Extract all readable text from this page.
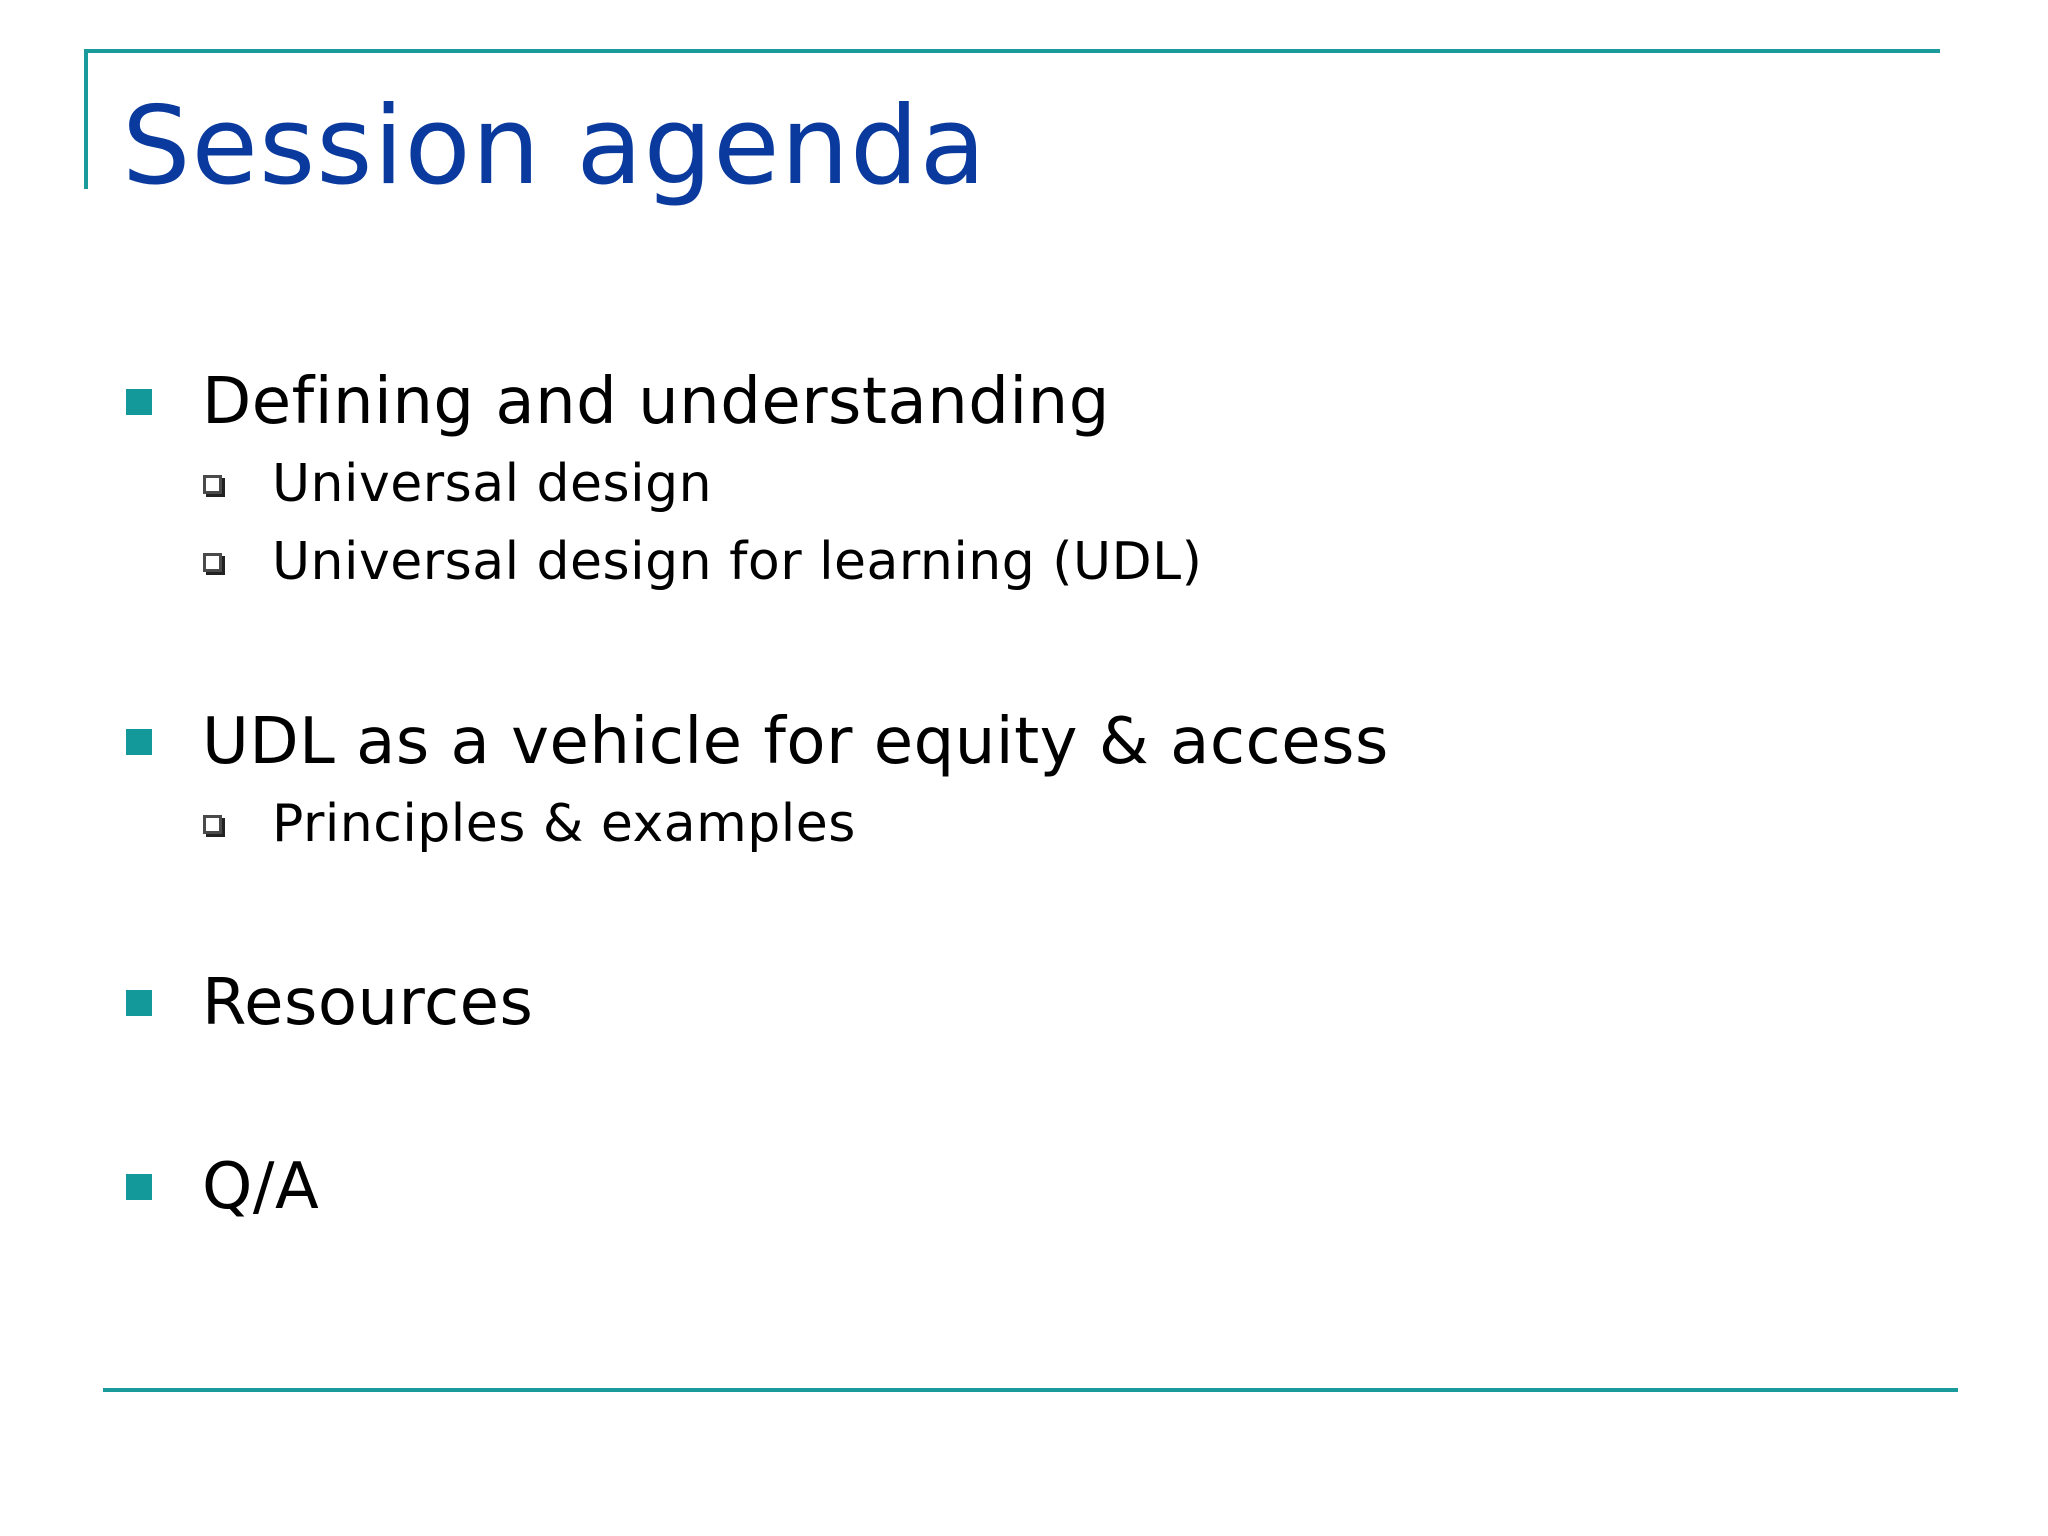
Session agenda
Defining and understanding
Universal design
Universal design for learning (UDL)
UDL as a vehicle for equity & access
Principles & examples
Resources
Q/A
